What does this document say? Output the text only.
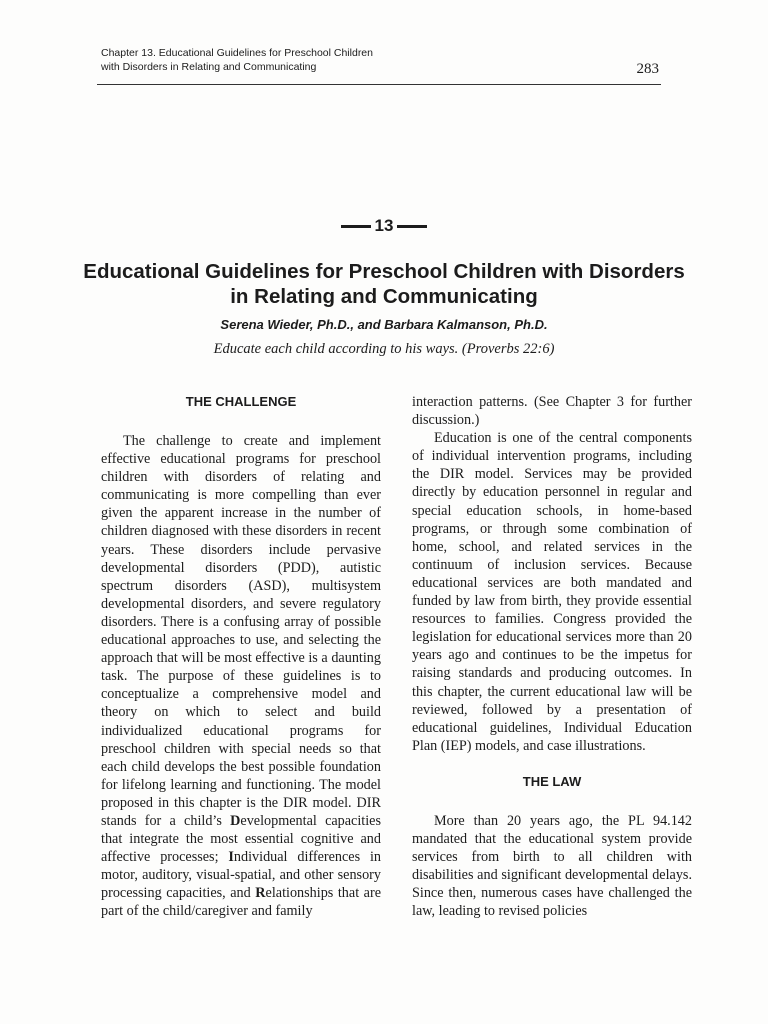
Chapter 13. Educational Guidelines for Preschool Children
with Disorders in Relating and Communicating	283
13
Educational Guidelines for Preschool Children with Disorders in Relating and Communicating
Serena Wieder, Ph.D., and Barbara Kalmanson, Ph.D.
Educate each child according to his ways. (Proverbs 22:6)
THE CHALLENGE

The challenge to create and implement effective educational programs for preschool children with disorders of relating and communicating is more compelling than ever given the apparent increase in the number of children diagnosed with these disorders in recent years. These disorders include pervasive developmental disorders (PDD), autistic spectrum disorders (ASD), multisystem developmental disorders, and severe regulatory disorders. There is a confusing array of possible educational approaches to use, and selecting the approach that will be most effective is a daunting task. The purpose of these guidelines is to conceptualize a comprehensive model and theory on which to select and build individualized educational programs for preschool children with special needs so that each child develops the best possible foundation for lifelong learning and functioning. The model proposed in this chapter is the DIR model. DIR stands for a child’s Developmental capacities that integrate the most essential cognitive and affective processes; Individual differences in motor, auditory, visual-spatial, and other sensory processing capacities, and Relationships that are part of the child/caregiver and family

interaction patterns. (See Chapter 3 for further discussion.)

Education is one of the central components of individual intervention programs, including the DIR model. Services may be provided directly by education personnel in regular and special education schools, in home-based programs, or through some combination of home, school, and related services in the continuum of inclusion services. Because educational services are both mandated and funded by law from birth, they provide essential resources to families. Congress provided the legislation for educational services more than 20 years ago and continues to be the impetus for raising standards and producing outcomes. In this chapter, the current educational law will be reviewed, followed by a presentation of educational guidelines, Individual Education Plan (IEP) models, and case illustrations.

THE LAW

More than 20 years ago, the PL 94.142 mandated that the educational system provide services from birth to all children with disabilities and significant developmental delays. Since then, numerous cases have challenged the law, leading to revised policies
